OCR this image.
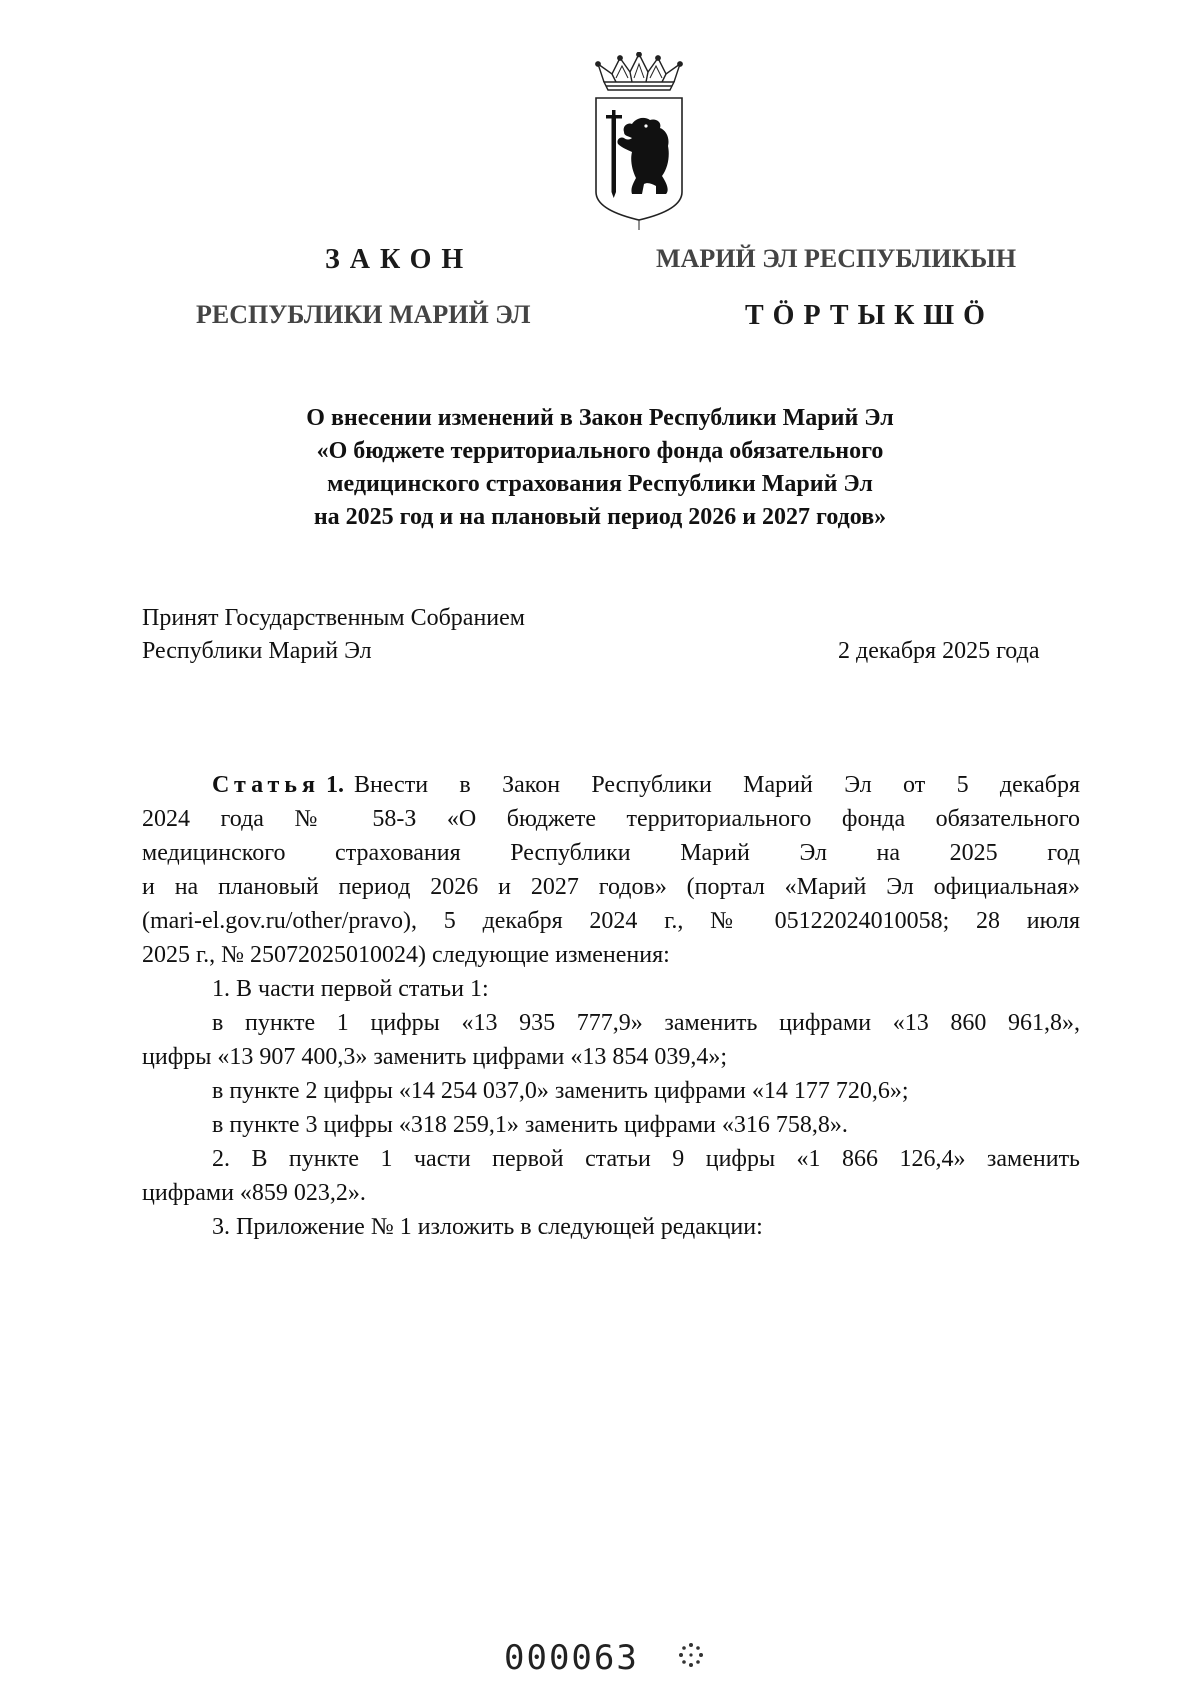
ЗАКОН	МАРИЙ ЭЛ РЕСПУБЛИКЫН
РЕСПУБЛИКИ МАРИЙ ЭЛ	ТӦРТЫКШӦ
О внесении изменений в Закон Республики Марий Эл
«О бюджете территориального фонда обязательного
медицинского страхования Республики Марий Эл
на 2025 год и на плановый период 2026 и 2027 годов»
Принят Государственным Собранием
Республики Марий Эл	2 декабря 2025 года
Статья 1. Внести в Закон Республики Марий Эл от 5 декабря
2024 года № 58-З «О бюджете территориального фонда обязательного
медицинского страхования Республики Марий Эл на 2025 год
и на плановый период 2026 и 2027 годов» (портал «Марий Эл официальная»
(mari-el.gov.ru/other/pravo), 5 декабря 2024 г., № 05122024010058; 28 июля
2025 г., № 25072025010024) следующие изменения:
1. В части первой статьи 1:
в пункте 1 цифры «13 935 777,9» заменить цифрами «13 860 961,8»,
цифры «13 907 400,3» заменить цифрами «13 854 039,4»;
в пункте 2 цифры «14 254 037,0» заменить цифрами «14 177 720,6»;
в пункте 3 цифры «318 259,1» заменить цифрами «316 758,8».
2. В пункте 1 части первой статьи 9 цифры «1 866 126,4» заменить
цифрами «859 023,2».
3. Приложение № 1 изложить в следующей редакции:
000063
